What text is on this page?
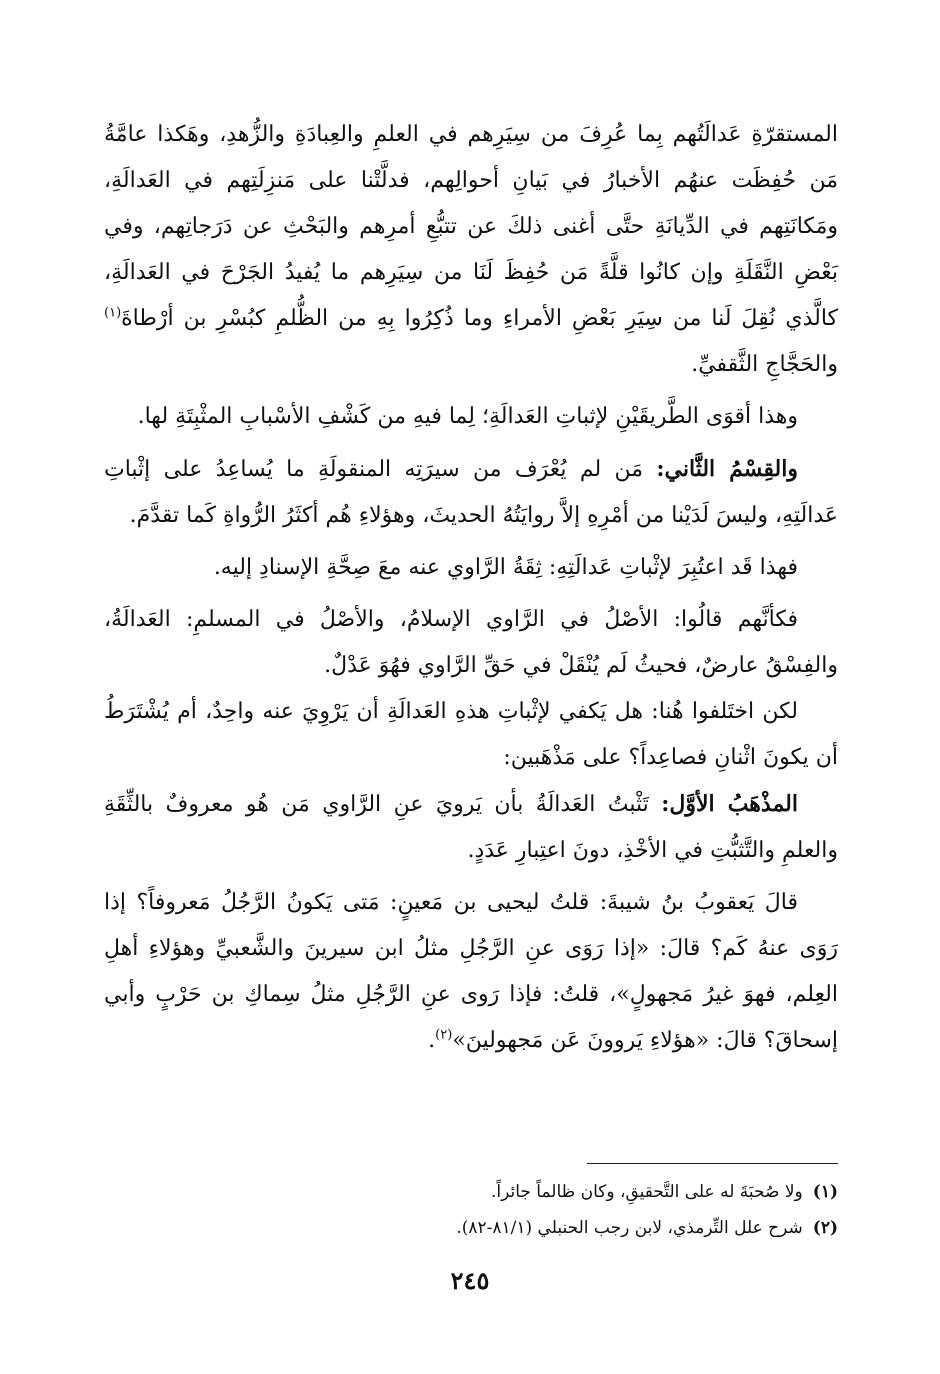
المستقرّةِ عَدالَتُهم بِما عُرِفَ من سِيَرِهم في العلمِ والعِبادَةِ والزُّهدِ، وهَكذا عامَّةُ مَن حُفِظَت عنهُم الأخبارُ في بَيانِ أحوالِهم، فدلَّتْنا على مَنزِلَتِهم في العَدالَةِ، ومَكانَتِهم في الدِّيانَةِ حتَّى أغنى ذلكَ عن تتبُّعِ أمرِهم والبَحْثِ عن دَرَجاتِهم، وفي بَعْضِ النَّقَلَةِ وإن كانُوا قلَّةً مَن حُفِظَ لَنَا من سِيَرِهم ما يُفيدُ الجَرْحَ في العَدالَةِ، كالَّذي نُقِلَ لَنا من سِيَرِ بَعْضِ الأمراءِ وما ذُكِرُوا بِهِ من الظُّلمِ كبُسْرِ بن أرْطاةَ$^{(١)}$ والحَجَّاجِ الثَّقفيِّ.

وهذا أقوَى الطَّريقَيْنِ لإثباتِ العَدالَةِ؛ لِما فيهِ من كَشْفِ الأسْبابِ المثْبِتَةِ لها.

والقِسْمُ الثَّاني: مَن لم يُعْرَف من سيرَتِه المنقولَةِ ما يُساعِدُ على إثْباتِ عَدالَتِهِ، وليسَ لَدَيْنا من أمْرِهِ إلاَّ روايَتُهُ الحديثَ، وهؤلاءِ هُم أكثَرُ الرُّواةِ كَما تقدَّمَ.

فهذا قَد اعتُبِرَ لإثْباتِ عَدالَتِهِ: ثِقَةُ الرَّاوي عنه معَ صِحَّةِ الإسنادِ إليه.

فكأنَّهم قالُوا: الأصْلُ في الرَّاوي الإسلامُ، والأصْلُ في المسلمِ: العَدالَةُ، والفِسْقُ عارضٌ، فحيثُ لَم يُنْقَلْ في حَقِّ الرَّاوي فهُوَ عَدْلٌ.

لكن اختَلفوا هُنا: هل يَكفي لإثْباتِ هذهِ العَدالَةِ أن يَرْوِيَ عنه واحِدٌ، أم يُشْتَرَطُ أن يكونَ اثْنانِ فصاعِداً؟ على مَذْهَبين:

المذْهَبُ الأوَّل: تَثْبتُ العَدالَةُ بأن يَرويَ عنِ الرَّاوي مَن هُو معروفٌ بالثِّقَةِ والعلمِ والتَّثبُّتِ في الأخْذِ، دونَ اعتِبارِ عَدَدٍ.

قالَ يَعقوبُ بنُ شيبةَ: قلتُ ليحيى بن مَعينٍ: مَتى يَكونُ الرَّجُلُ مَعروفاً؟ إذا رَوَى عنهُ كَم؟ قالَ: «إذا رَوَى عنِ الرَّجُلِ مثلُ ابن سيرينَ والشَّعبيِّ وهؤلاءِ أهلِ العِلم، فهوَ غيرُ مَجهولٍ»، قلتُ: فإذا رَوى عنِ الرَّجُلِ مثلُ سِماكِ بن حَرْبٍ وأبي إسحاقَ؟ قالَ: «هؤلاءِ يَروونَ عَن مَجهولينَ»$^{(٢)}$.

(١)ولا صُحبَةَ له على التَّحقيقِ، وكان ظالماً جائراً.

(٢)شرح علل التِّرمذي، لابن رجب الحنبلي (٨١/١-٨٢).

٢٤٥
